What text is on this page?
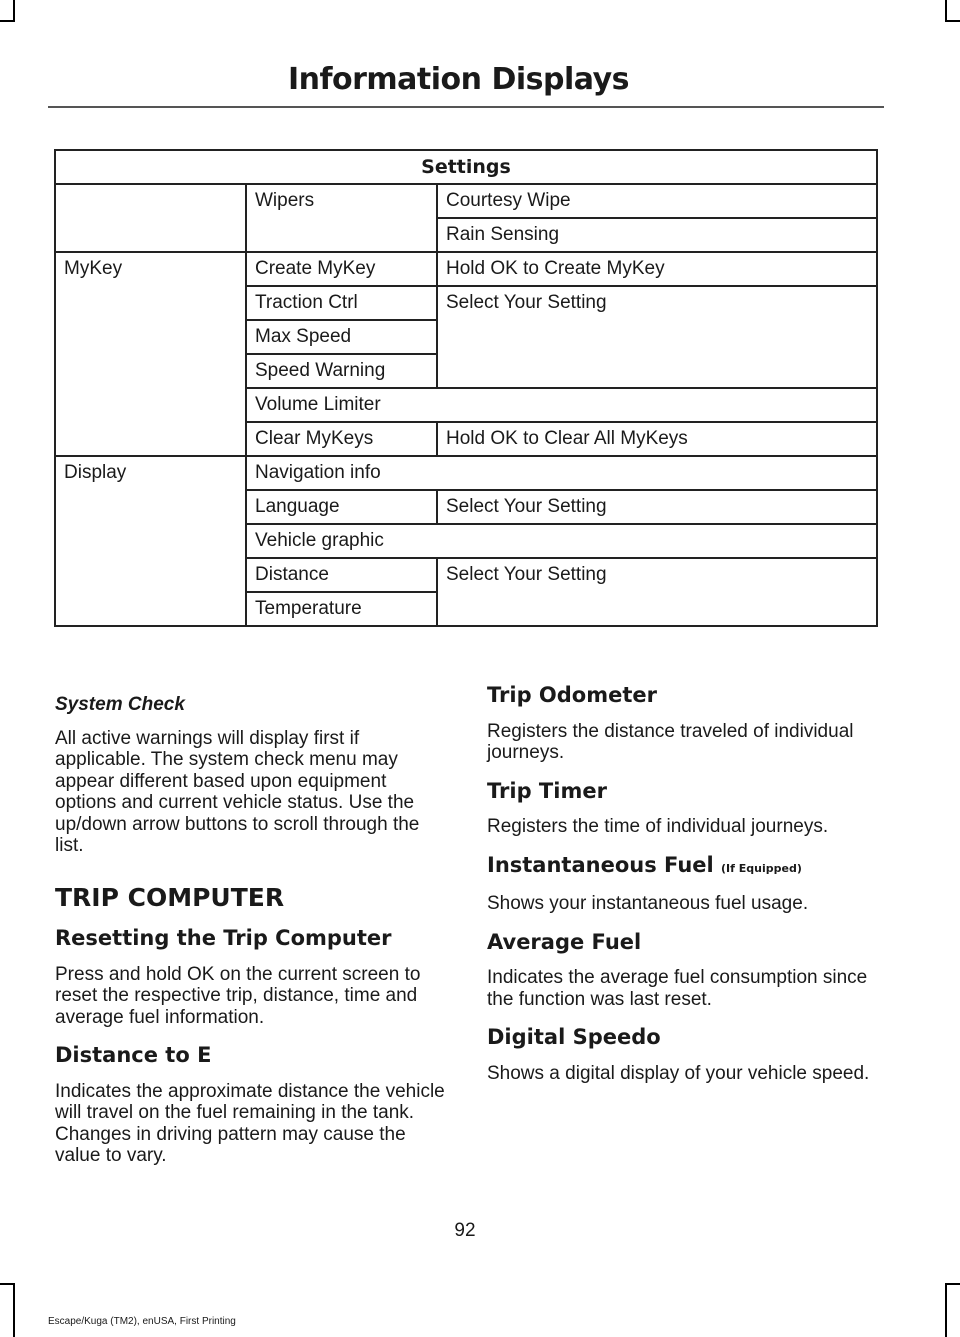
Information Displays
Settings		
	Wipers	Courtesy Wipe
		Rain Sensing
MyKey	Create MyKey	Hold OK to Create MyKey
	Traction Ctrl	Select Your Setting
	Max Speed	
	Speed Warning	
	Volume Limiter	
	Clear MyKeys	Hold OK to Clear All MyKeys
Display	Navigation info	
	Language	Select Your Setting
	Vehicle graphic	
	Distance	Select Your Setting
	Temperature	
System Check

All active warnings will display first if applicable. The system check menu may appear different based upon equipment options and current vehicle status. Use the up/down arrow buttons to scroll through the list.

TRIP COMPUTER
Resetting the Trip Computer

Press and hold OK on the current screen to reset the respective trip, distance, time and average fuel information.

Distance to E

Indicates the approximate distance the vehicle will travel on the fuel remaining in the tank. Changes in driving pattern may cause the value to vary.

Trip Odometer

Registers the distance traveled of individual journeys.

Trip Timer

Registers the time of individual journeys.

Instantaneous Fuel (If Equipped)

Shows your instantaneous fuel usage.

Average Fuel

Indicates the average fuel consumption since the function was last reset.

Digital Speedo

Shows a digital display of your vehicle speed.

92
Escape/Kuga (TM2), enUSA, First Printing
